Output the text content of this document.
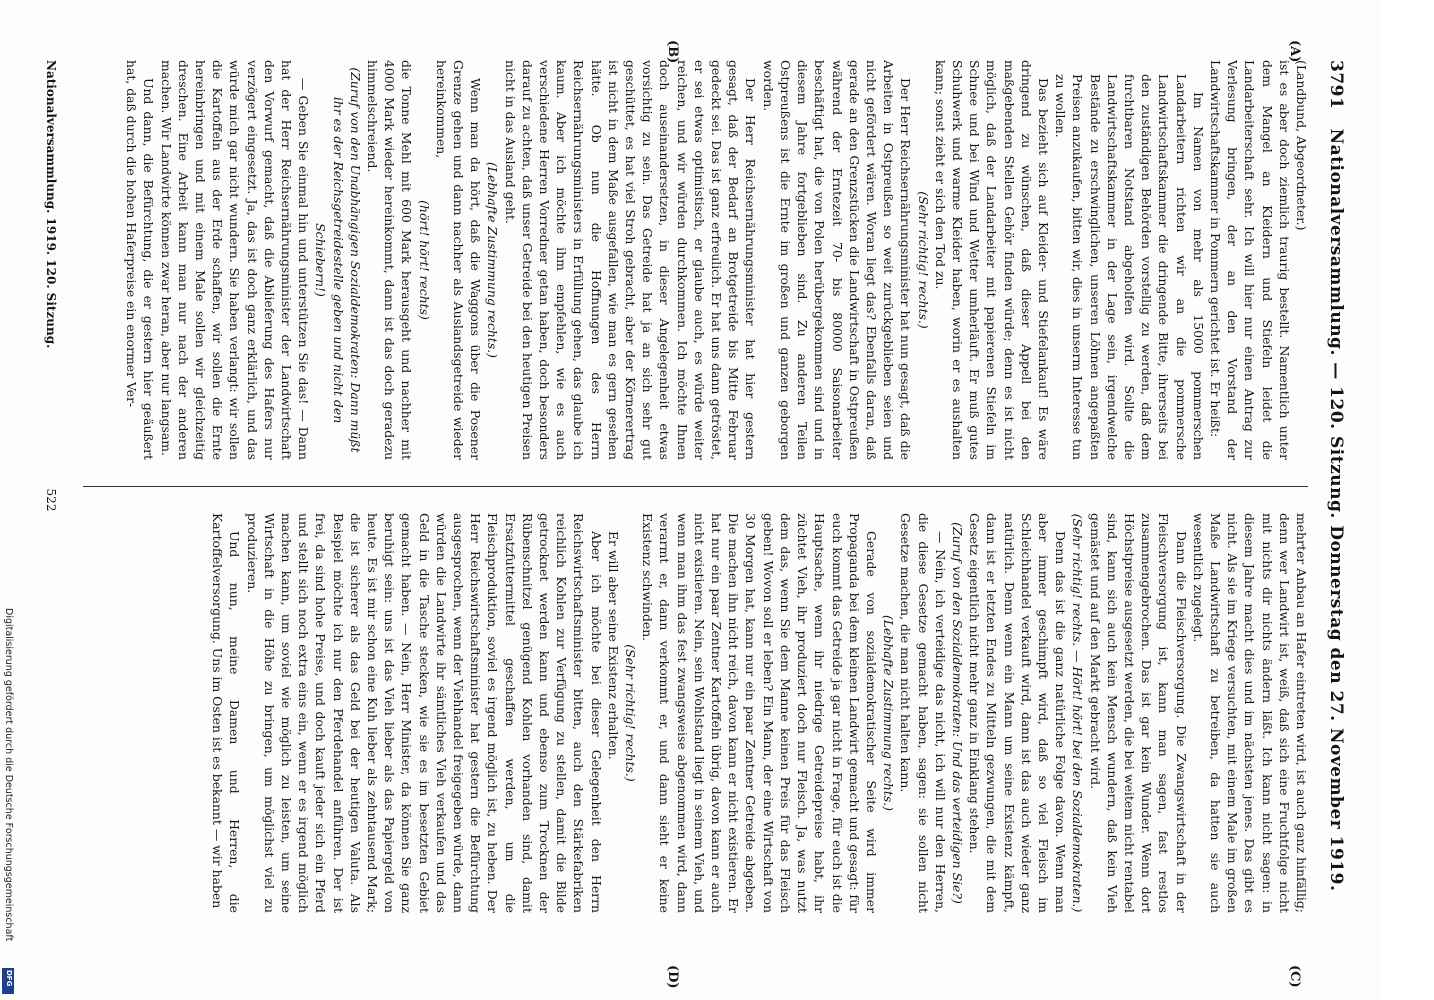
3791
Nationalversammlung. — 120. Sitzung. Donnerstag den 27. November 1919.
(A)
(B)
(C)
(D)

(Landbund, Abgeordneter.)

ist es aber doch ziemlich traurig bestellt. Namentlich unter dem Mangel an Kleidern und Stiefeln leidet die Landarbeiterschaft sehr. Ich will hier nur einen Antrag zur Verlesung bringen, der an den Vorstand der Landwirtschaftskammer in Pommern gerichtet ist. Er heißt:

Im Namen von mehr als 15000 pommerschen Landarbeitern richten wir an die pommersche Landwirtschaftskammer die dringende Bitte, ihrerseits bei den zuständigen Behörden vorstellig zu werden, daß dem furchtbaren Notstand abgeholfen wird. Sollte die Landwirtschaftskammer in der Lage sein, irgendwelche Bestände zu erschwinglichen, unseren Löhnen angepaßten Preisen anzukaufen, bitten wir, dies in unserm Interesse tun zu wollen.

Das bezieht sich auf Kleider- und Stiefelankauf! Es wäre dringend zu wünschen, daß dieser Appell bei den maßgebenden Stellen Gehör finden würde; denn es ist nicht möglich, daß der Landarbeiter mit papierenen Stiefeln im Schnee und bei Wind und Wetter umherläuft. Er muß gutes Schuhwerk und warme Kleider haben, worin er es aushalten kann; sonst zieht er sich den Tod zu.

(Sehr richtig! rechts.)

Der Herr Reichsernährungsminister hat nun gesagt, daß die Arbeiten in Ostpreußen so weit zurückgeblieben seien und nicht gefördert wären. Woran liegt das? Ebenfalls daran, daß gerade an den Grenzstücken die Landwirtschaft in Ostpreußen während der Erntezeit 70- bis 80000 Saisonarbeiter beschäftigt hat, die von Polen herübergekommen sind und in diesem Jahre fortgeblieben sind. Zu anderen Teilen Ostpreußens ist die Ernte im großen und ganzen geborgen worden.

Der Herr Reichsernährungsminister hat hier gestern gesagt, daß der Bedarf an Brotgetreide bis Mitte Februar gedeckt sei. Das ist ganz erfreulich. Er hat uns dann getröstet, er sei etwas optimistisch, er glaube auch, es würde weiter reichen, und wir würden durchkommen. Ich möchte Ihnen doch auseinandersetzen, in dieser Angelegenheit etwas vorsichtig zu sein. Das Getreide hat ja an sich sehr gut geschüttet, es hat viel Stroh gebracht, aber der Körnerertrag ist nicht in dem Maße ausgefallen, wie man es gern gesehen hätte. Ob nun die Hoffnungen des Herrn Reichsernährungsministers in Erfüllung gehen, das glaube ich kaum. Aber ich möchte ihm empfehlen, wie es auch verschiedene Herren Vorredner getan haben, doch besonders darauf zu achten, daß unser Getreide bei den heutigen Preisen nicht in das Ausland geht.

(Lebhafte Zustimmung rechts.)

Wenn man da hört, daß die Waggons über die Posener Grenze gehen und dann nachher als Auslandsgetreide wieder hereinkommen,

(hört! hört! rechts)

die Tonne Mehl mit 600 Mark herausgeht und nachher mit 4000 Mark wieder hereinkommt, dann ist das doch geradezu himmelschreiend.

(Zuruf von den Unabhängigen Sozialdemokraten: Dann müßt ihr es der Reichsgetreidestelle geben und nicht den Schiebern!)

— Geben Sie einmal hin und unterstützen Sie das! — Dann hat der Herr Reichsernährungsminister der Landwirtschaft den Vorwurf gemacht, daß die Ablieferung des Hafers nur verzögert eingesetzt. Ja, das ist doch ganz erklärlich, und das würde mich gar nicht wundern. Sie haben verlangt: wir sollen die Kartoffeln aus der Erde schaffen, wir sollen die Ernte hereinbringen und mit einem Male sollen wir gleichzeitig dreschen. Eine Arbeit kann man nur nach der anderen machen. Wir Landwirte können zwar heran, aber nur langsam.

Und dann, die Befürchtung, die er gestern hier geäußert hat, daß durch die hohen Haferpreise ein enormer Ver-

mehrter Anbau an Hafer eintreten wird, ist auch ganz hinfällig; denn wer Landwirt ist, weiß, daß sich eine Fruchtfolge nicht mit nichts dir nichts ändern läßt. Ich kann nicht sagen: in diesem Jahre macht dies und im nächsten jenes. Das gibt es nicht. Als sie im Kriege versuchten, mit einem Male im großen Maße Landwirtschaft zu betreiben, da hatten sie auch wesentlich zugelegt.

Dann die Fleischversorgung. Die Zwangswirtschaft in der Fleischversorgung ist, kann man sagen, fast restlos zusammengebrochen. Das ist gar kein Wunder. Wenn dort Höchstpreise ausgesetzt werden, die bei weitem nicht rentabel sind, kann sich auch kein Mensch wundern, daß kein Vieh gemästet und auf den Markt gebracht wird.

(Sehr richtig! rechts. — Hört! hört! bei den Sozialdemokraten.)

Denn das ist die ganz natürliche Folge davon. Wenn man aber immer geschimpft wird, daß so viel Fleisch im Schleichhandel verkauft wird, dann ist das auch wieder ganz natürlich. Denn wenn ein Mann um seine Existenz kämpft, dann ist er letzten Endes zu Mitteln gezwungen, die mit dem Gesetz eigentlich nicht mehr ganz in Einklang stehen.

(Zuruf von den Sozialdemokraten: Und das verteidigen Sie?)

— Nein, ich verteidige das nicht, ich will nur den Herren, die diese Gesetze gemacht haben, sagen: sie sollen nicht Gesetze machen, die man nicht halten kann.

(Lebhafte Zustimmung rechts.)

Gerade von sozialdemokratischer Seite wird immer Propaganda bei dem kleinen Landwirt gemacht und gesagt: für euch kommt das Getreide ja gar nicht in Frage, für euch ist die Hauptsache, wenn ihr niedrige Getreidepreise habt, ihr züchtet Vieh, ihr produziert doch nur Fleisch. Ja, was nutzt dem das, wenn Sie dem Manne keinen Preis für das Fleisch geben! Wovon soll er leben? Ein Mann, der eine Wirtschaft von 30 Morgen hat, kann nur ein paar Zentner Getreide abgeben. Die machen ihn nicht reich, davon kann er nicht existieren. Er hat nur ein paar Zentner Kartoffeln übrig, davon kann er auch nicht existieren. Nein, sein Wohlstand liegt in seinem Vieh, und wenn man ihm das fest zwangsweise abgenommen wird, dann verarmt er, dann verkommt er, und dann sieht er keine Existenz schwinden.

(Sehr richtig! rechts.)

Er will aber seine Existenz erhalten.

Aber ich möchte bei dieser Gelegenheit den Herrn Reichswirtschaftsminister bitten, auch den Stärkefabriken reichlich Kohlen zur Verfügung zu stellen, damit die Bilde getrocknet werden kann und ebenso zum Trocknen der Rübenschnitzel genügend Kohlen vorhanden sind, damit Ersatzfuttermittel geschaffen werden, um die Fleischproduktion, soviel es irgend möglich ist, zu heben. Der Herr Reichswirtschaftsminister hat gestern die Befürchtung ausgesprochen, wenn der Viehhandel freigegeben würde, dann würden die Landwirte ihr sämtliches Vieh verkaufen und das Geld in die Tasche stecken, wie sie es im besetzten Gebiet gemacht haben. — Nein, Herr Minister, da können Sie ganz beruhigt sein: uns ist das Vieh lieber als das Papiergeld von heute. Es ist mir schon eine Kuh lieber als zehntausend Mark; die ist sicherer als das Geld bei der heutigen Valuta. Als Beispiel möchte ich nur den Pferdehandel anführen. Der ist frei, da sind hohe Preise, und doch kauft jeder sich ein Pferd und stellt sich noch extra eins ein, wenn er es irgend möglich machen kann, um soviel wie möglich zu leisten, um seine Wirtschaft in die Höhe zu bringen, um möglichst viel zu produzieren.

Und nun, meine Damen und Herren, die Kartoffelversorgung. Uns im Osten ist es bekannt — wir haben

Nationalversammlung. 1919. 120. Sitzung.
522
Digitalisierung gefördert durch die Deutsche Forschungsgemeinschaft
DFG
